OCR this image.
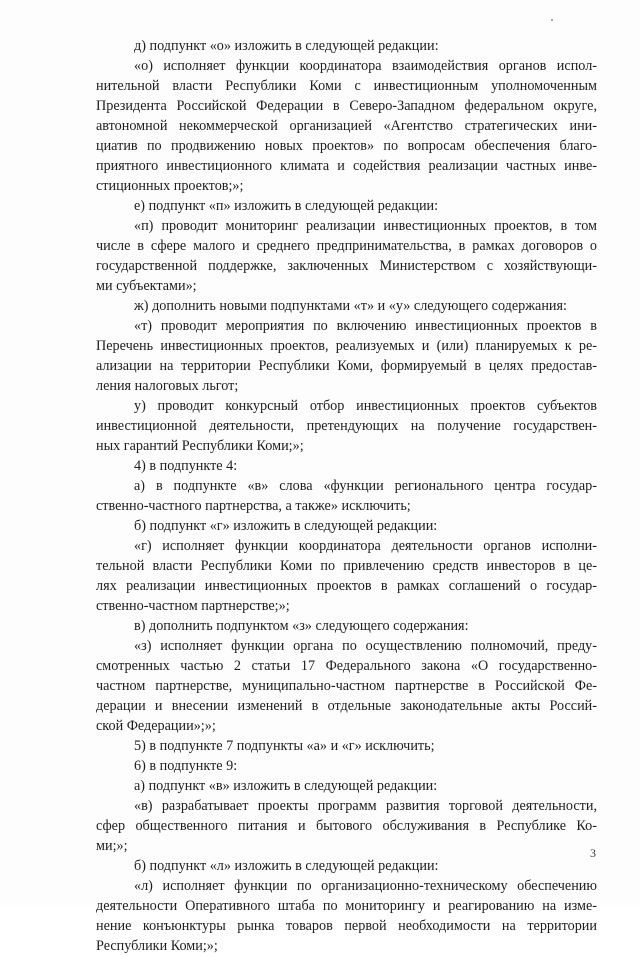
д) подпункт «о» изложить в следующей редакции:
«о) исполняет функции координатора взаимодействия органов испол-
нительной власти Республики Коми с инвестиционным уполномоченным
Президента Российской Федерации в Северо-Западном федеральном округе,
автономной некоммерческой организацией «Агентство стратегических ини-
циатив по продвижению новых проектов» по вопросам обеспечения благо-
приятного инвестиционного климата и содействия реализации частных инве-
стиционных проектов;»;
е) подпункт «п» изложить в следующей редакции:
«п) проводит мониторинг реализации инвестиционных проектов, в том
числе в сфере малого и среднего предпринимательства, в рамках договоров о
государственной поддержке, заключенных Министерством с хозяйствующи-
ми субъектами»;
ж) дополнить новыми подпунктами «т» и «у» следующего содержания:
«т) проводит мероприятия по включению инвестиционных проектов в
Перечень инвестиционных проектов, реализуемых и (или) планируемых к ре-
ализации на территории Республики Коми, формируемый в целях предостав-
ления налоговых льгот;
у) проводит конкурсный отбор инвестиционных проектов субъектов
инвестиционной деятельности, претендующих на получение государствен-
ных гарантий Республики Коми;»;
4) в подпункте 4:
а) в подпункте «в» слова «функции регионального центра государ-
ственно-частного партнерства, а также» исключить;
б) подпункт «г» изложить в следующей редакции:
«г) исполняет функции координатора деятельности органов исполни-
тельной власти Республики Коми по привлечению средств инвесторов в це-
лях реализации инвестиционных проектов в рамках соглашений о государ-
ственно-частном партнерстве;»;
в) дополнить подпунктом «з» следующего содержания:
«з) исполняет функции органа по осуществлению полномочий, преду-
смотренных частью 2 статьи 17 Федерального закона «О государственно-
частном партнерстве, муниципально-частном партнерстве в Российской Фе-
дерации и внесении изменений в отдельные законодательные акты Россий-
ской Федерации»;»;
5) в подпункте 7 подпункты «а» и «г» исключить;
6) в подпункте 9:
а) подпункт «в» изложить в следующей редакции:
«в) разрабатывает проекты программ развития торговой деятельности,
сфер общественного питания и бытового обслуживания в Республике Ко-
ми;»;
б) подпункт «л» изложить в следующей редакции:
«л) исполняет функции по организационно-техническому обеспечению
деятельности Оперативного штаба по мониторингу и реагированию на изме-
нение конъюнктуры рынка товаров первой необходимости на территории
Республики Коми;»;
3
